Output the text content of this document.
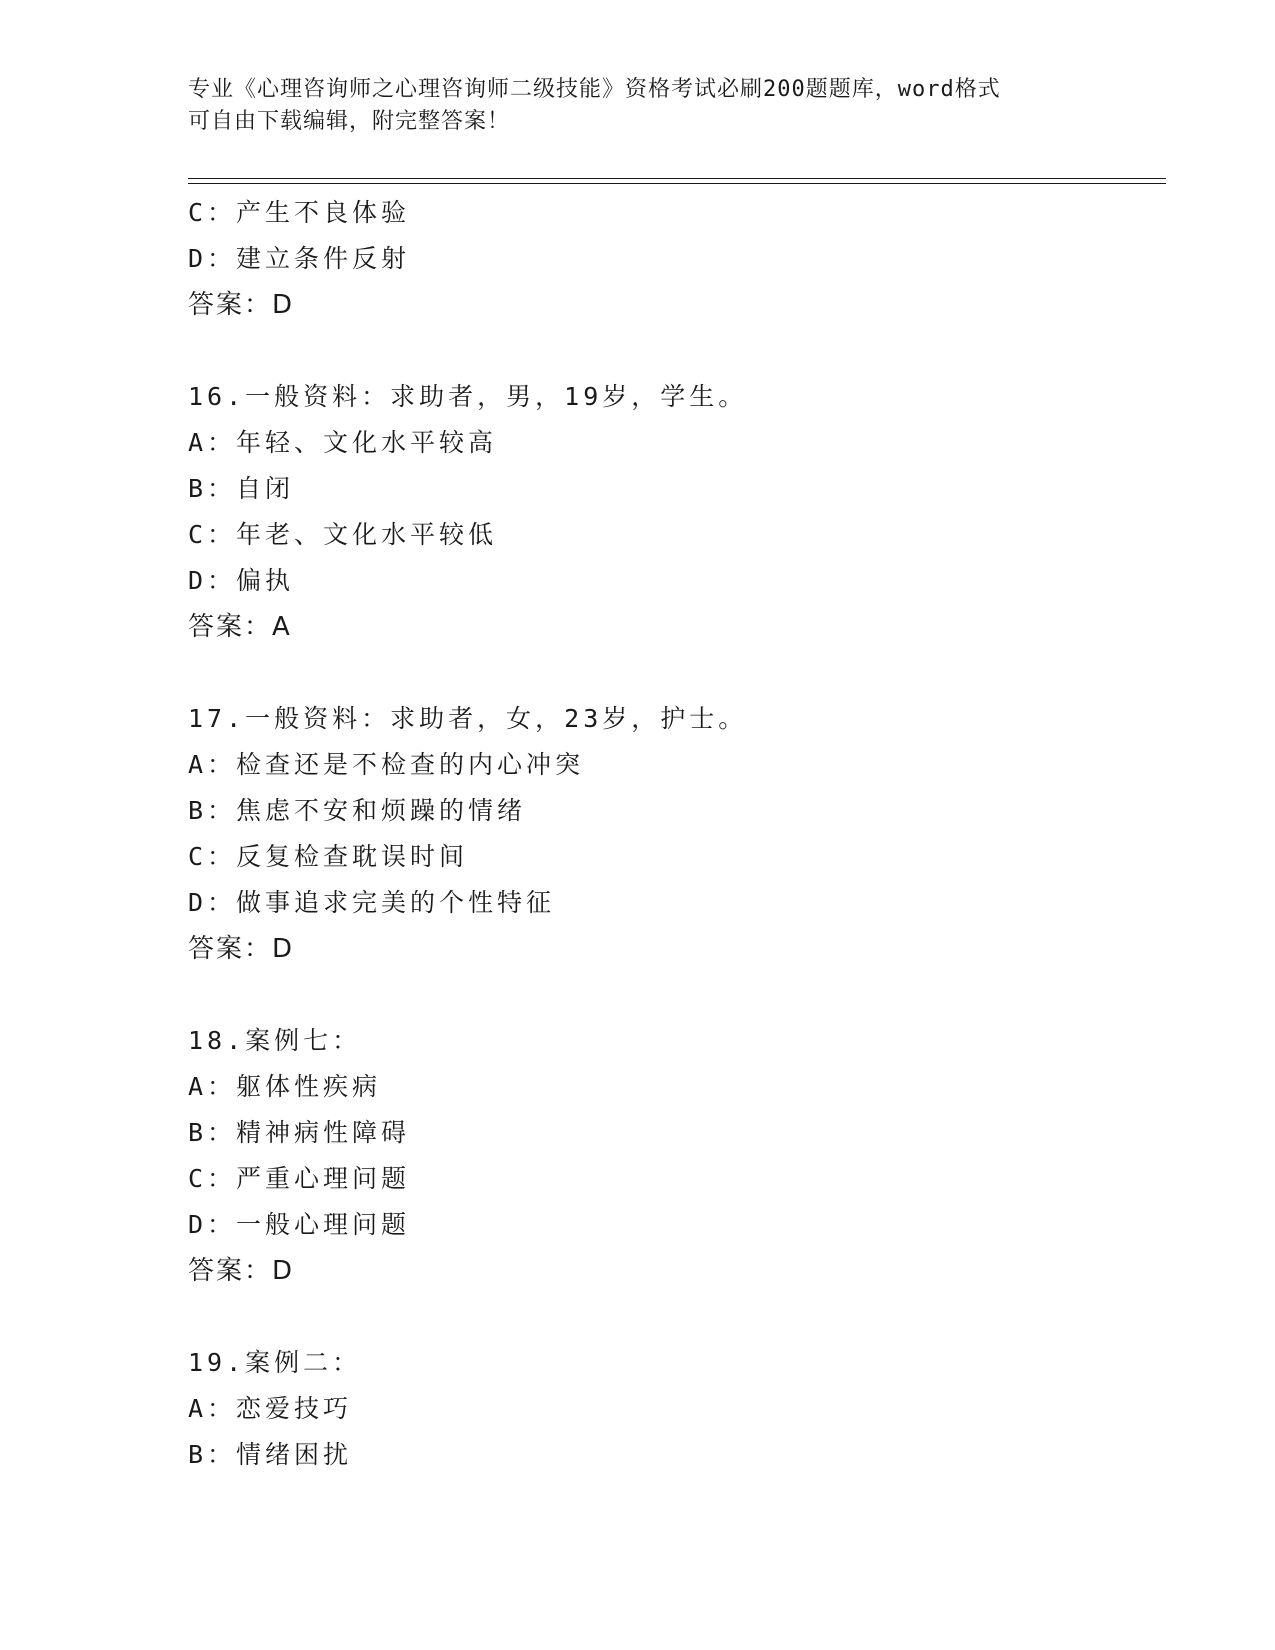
专业《心理咨询师之心理咨询师二级技能》资格考试必刷200题题库，word格式
可自由下载编辑，附完整答案！
C：产生不良体验
D：建立条件反射
答案：D
16.一般资料：求助者，男，19岁，学生。
A：年轻、文化水平较高
B：自闭
C：年老、文化水平较低
D：偏执
答案：A
17.一般资料：求助者，女，23岁，护士。
A：检查还是不检查的内心冲突
B：焦虑不安和烦躁的情绪
C：反复检查耽误时间
D：做事追求完美的个性特征
答案：D
18.案例七：
A：躯体性疾病
B：精神病性障碍
C：严重心理问题
D：一般心理问题
答案：D
19.案例二：
A：恋爱技巧
B：情绪困扰
